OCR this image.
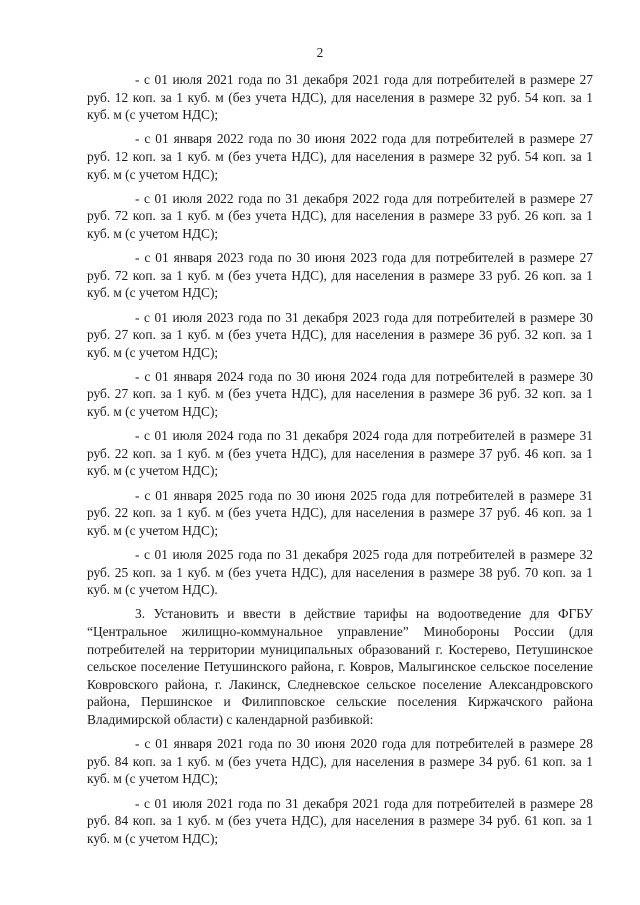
2

- с 01 июля 2021 года по 31 декабря 2021 года для потребителей в размере 27 руб. 12 коп. за 1 куб. м (без учета НДС), для населения в размере 32 руб. 54 коп. за 1 куб. м (с учетом НДС);

- с 01 января 2022 года по 30 июня 2022 года для потребителей в размере 27 руб. 12 коп. за 1 куб. м (без учета НДС), для населения в размере 32 руб. 54 коп. за 1 куб. м (с учетом НДС);

- с 01 июля 2022 года по 31 декабря 2022 года для потребителей в размере 27 руб. 72 коп. за 1 куб. м (без учета НДС), для населения в размере 33 руб. 26 коп. за 1 куб. м (с учетом НДС);

- с 01 января 2023 года по 30 июня 2023 года для потребителей в размере 27 руб. 72 коп. за 1 куб. м (без учета НДС), для населения в размере 33 руб. 26 коп. за 1 куб. м (с учетом НДС);

- с 01 июля 2023 года по 31 декабря 2023 года для потребителей в размере 30 руб. 27 коп. за 1 куб. м (без учета НДС), для населения в размере 36 руб. 32 коп. за 1 куб. м (с учетом НДС);

- с 01 января 2024 года по 30 июня 2024 года для потребителей в размере 30 руб. 27 коп. за 1 куб. м (без учета НДС), для населения в размере 36 руб. 32 коп. за 1 куб. м (с учетом НДС);

- с 01 июля 2024 года по 31 декабря 2024 года для потребителей в размере 31 руб. 22 коп. за 1 куб. м (без учета НДС), для населения в размере 37 руб. 46 коп. за 1 куб. м (с учетом НДС);

- с 01 января 2025 года по 30 июня 2025 года для потребителей в размере 31 руб. 22 коп. за 1 куб. м (без учета НДС), для населения в размере 37 руб. 46 коп. за 1 куб. м (с учетом НДС);

- с 01 июля 2025 года по 31 декабря 2025 года для потребителей в размере 32 руб. 25 коп. за 1 куб. м (без учета НДС), для населения в размере 38 руб. 70 коп. за 1 куб. м (с учетом НДС).

3. Установить и ввести в действие тарифы на водоотведение для ФГБУ “Центральное жилищно-коммунальное управление” Минобороны России (для потребителей на территории муниципальных образований г. Костерево, Петушинское сельское поселение Петушинского района, г. Ковров, Малыгинское сельское поселение Ковровского района, г. Лакинск, Следневское сельское поселение Александровского района, Першинское и Филипповское сельские поселения Киржачского района Владимирской области) с календарной разбивкой:

- с 01 января 2021 года по 30 июня 2020 года для потребителей в размере 28 руб. 84 коп. за 1 куб. м (без учета НДС), для населения в размере 34 руб. 61 коп. за 1 куб. м (с учетом НДС);

- с 01 июля 2021 года по 31 декабря 2021 года для потребителей в размере 28 руб. 84 коп. за 1 куб. м (без учета НДС), для населения в размере 34 руб. 61 коп. за 1 куб. м (с учетом НДС);
